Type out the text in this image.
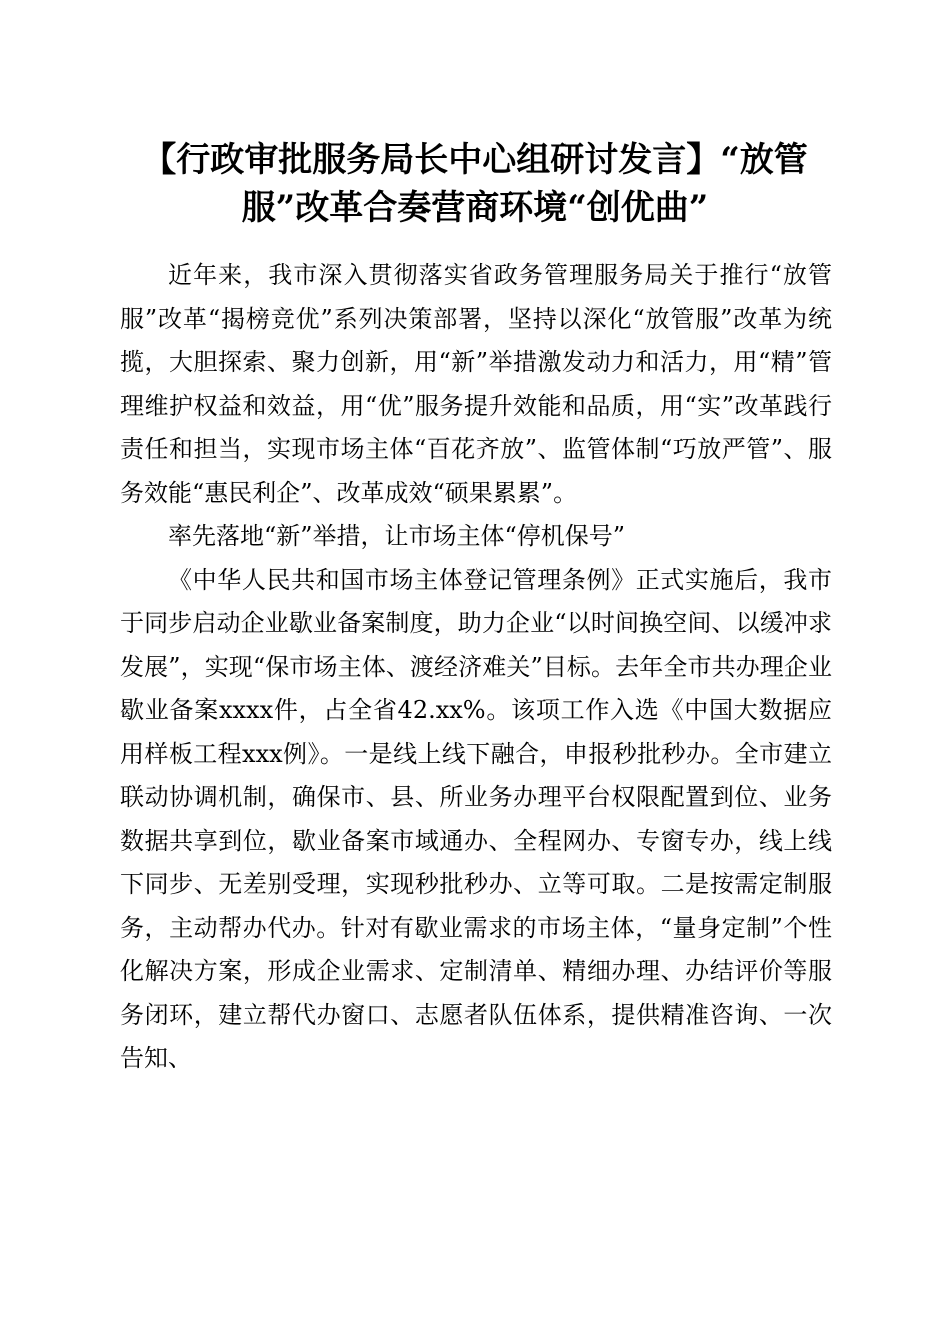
【行政审批服务局长中心组研讨发言】“放管服”改革合奏营商环境“创优曲”

近年来，我市深入贯彻落实省政务管理服务局关于推行“放管服”改革“揭榜竞优”系列决策部署，坚持以深化“放管服”改革为统揽，大胆探索、聚力创新，用“新”举措激发动力和活力，用“精”管理维护权益和效益，用“优”服务提升效能和品质，用“实”改革践行责任和担当，实现市场主体“百花齐放”、监管体制“巧放严管”、服务效能“惠民利企”、改革成效“硕果累累”。

率先落地“新”举措，让市场主体“停机保号”

《中华人民共和国市场主体登记管理条例》正式实施后，我市于同步启动企业歇业备案制度，助力企业“以时间换空间、以缓冲求发展”，实现“保市场主体、渡经济难关”目标。去年全市共办理企业歇业备案xxxx件，占全省42.xx%。该项工作入选《中国大数据应用样板工程xxx例》。一是线上线下融合，申报秒批秒办。全市建立联动协调机制，确保市、县、所业务办理平台权限配置到位、业务数据共享到位，歇业备案市域通办、全程网办、专窗专办，线上线下同步、无差别受理，实现秒批秒办、立等可取。二是按需定制服务，主动帮办代办。针对有歇业需求的市场主体，“量身定制”个性化解决方案，形成企业需求、定制清单、精细办理、办结评价等服务闭环，建立帮代办窗口、志愿者队伍体系，提供精准咨询、一次告知、
